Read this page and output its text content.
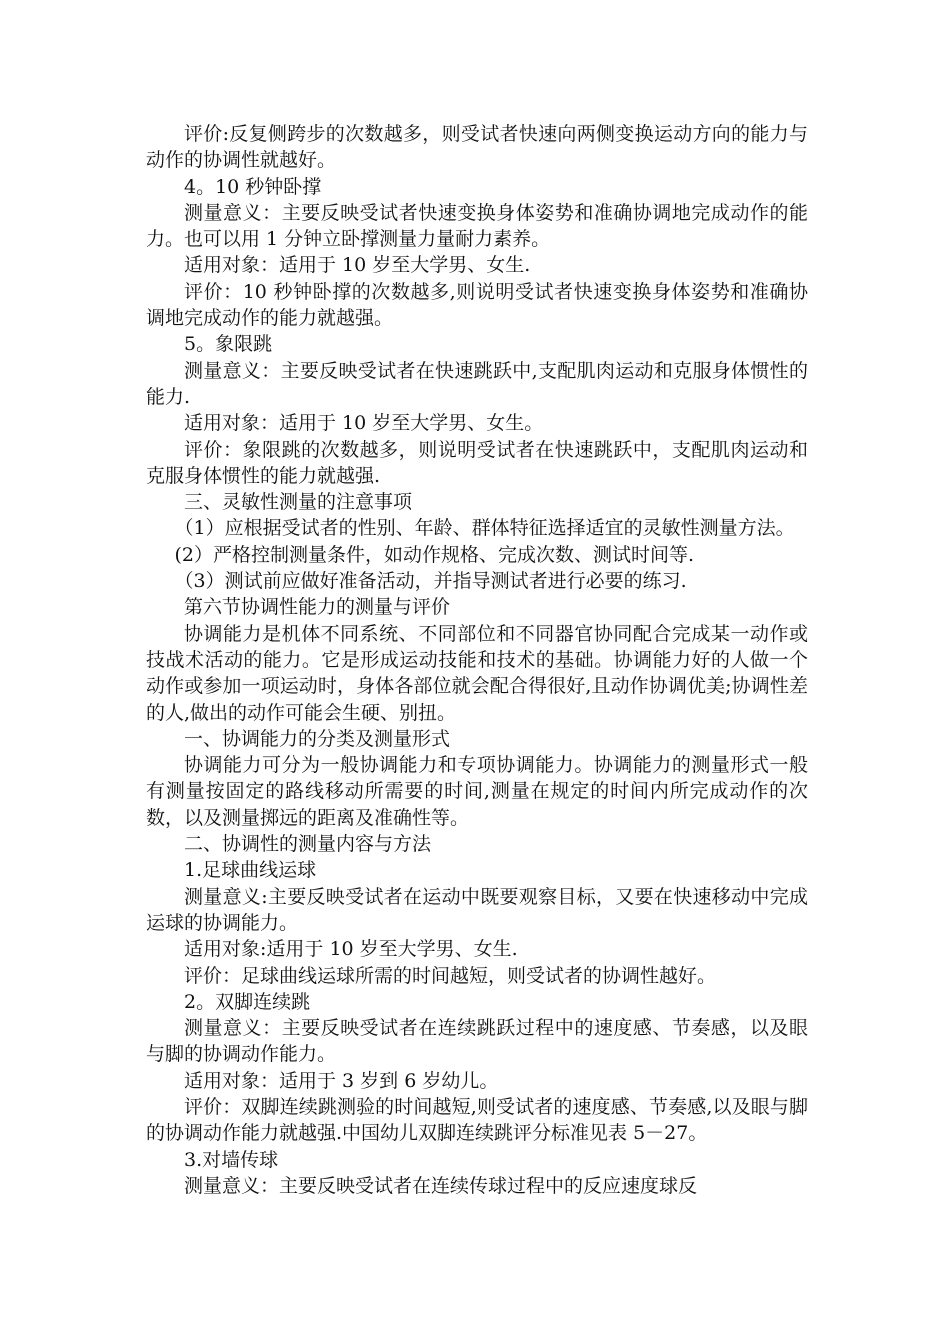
评价:反复侧跨步的次数越多，则受试者快速向两侧变换运动方向的能力与动作的协调性就越好。

4。10 秒钟卧撑

测量意义：主要反映受试者快速变换身体姿势和准确协调地完成动作的能力。也可以用 1 分钟立卧撑测量力量耐力素养。

适用对象：适用于 10 岁至大学男、女生.

评价：10 秒钟卧撑的次数越多,则说明受试者快速变换身体姿势和准确协调地完成动作的能力就越强。

5。象限跳

测量意义：主要反映受试者在快速跳跃中,支配肌肉运动和克服身体惯性的能力.

适用对象：适用于 10 岁至大学男、女生。

评价：象限跳的次数越多，则说明受试者在快速跳跃中，支配肌肉运动和克服身体惯性的能力就越强.

三、灵敏性测量的注意事项

（1）应根据受试者的性别、年龄、群体特征选择适宜的灵敏性测量方法。

(2）严格控制测量条件，如动作规格、完成次数、测试时间等.

（3）测试前应做好准备活动，并指导测试者进行必要的练习.

第六节协调性能力的测量与评价

协调能力是机体不同系统、不同部位和不同器官协同配合完成某一动作或技战术活动的能力。它是形成运动技能和技术的基础。协调能力好的人做一个动作或参加一项运动时，身体各部位就会配合得很好,且动作协调优美;协调性差的人,做出的动作可能会生硬、别扭。

一、协调能力的分类及测量形式

协调能力可分为一般协调能力和专项协调能力。协调能力的测量形式一般有测量按固定的路线移动所需要的时间,测量在规定的时间内所完成动作的次数，以及测量掷远的距离及准确性等。

二、协调性的测量内容与方法

1.足球曲线运球

测量意义:主要反映受试者在运动中既要观察目标，又要在快速移动中完成运球的协调能力。

适用对象:适用于 10 岁至大学男、女生.

评价：足球曲线运球所需的时间越短，则受试者的协调性越好。

2。双脚连续跳

测量意义：主要反映受试者在连续跳跃过程中的速度感、节奏感，以及眼与脚的协调动作能力。

适用对象：适用于 3 岁到 6 岁幼儿。

评价：双脚连续跳测验的时间越短,则受试者的速度感、节奏感,以及眼与脚的协调动作能力就越强.中国幼儿双脚连续跳评分标准见表 5－27。

3.对墙传球

测量意义：主要反映受试者在连续传球过程中的反应速度球反
